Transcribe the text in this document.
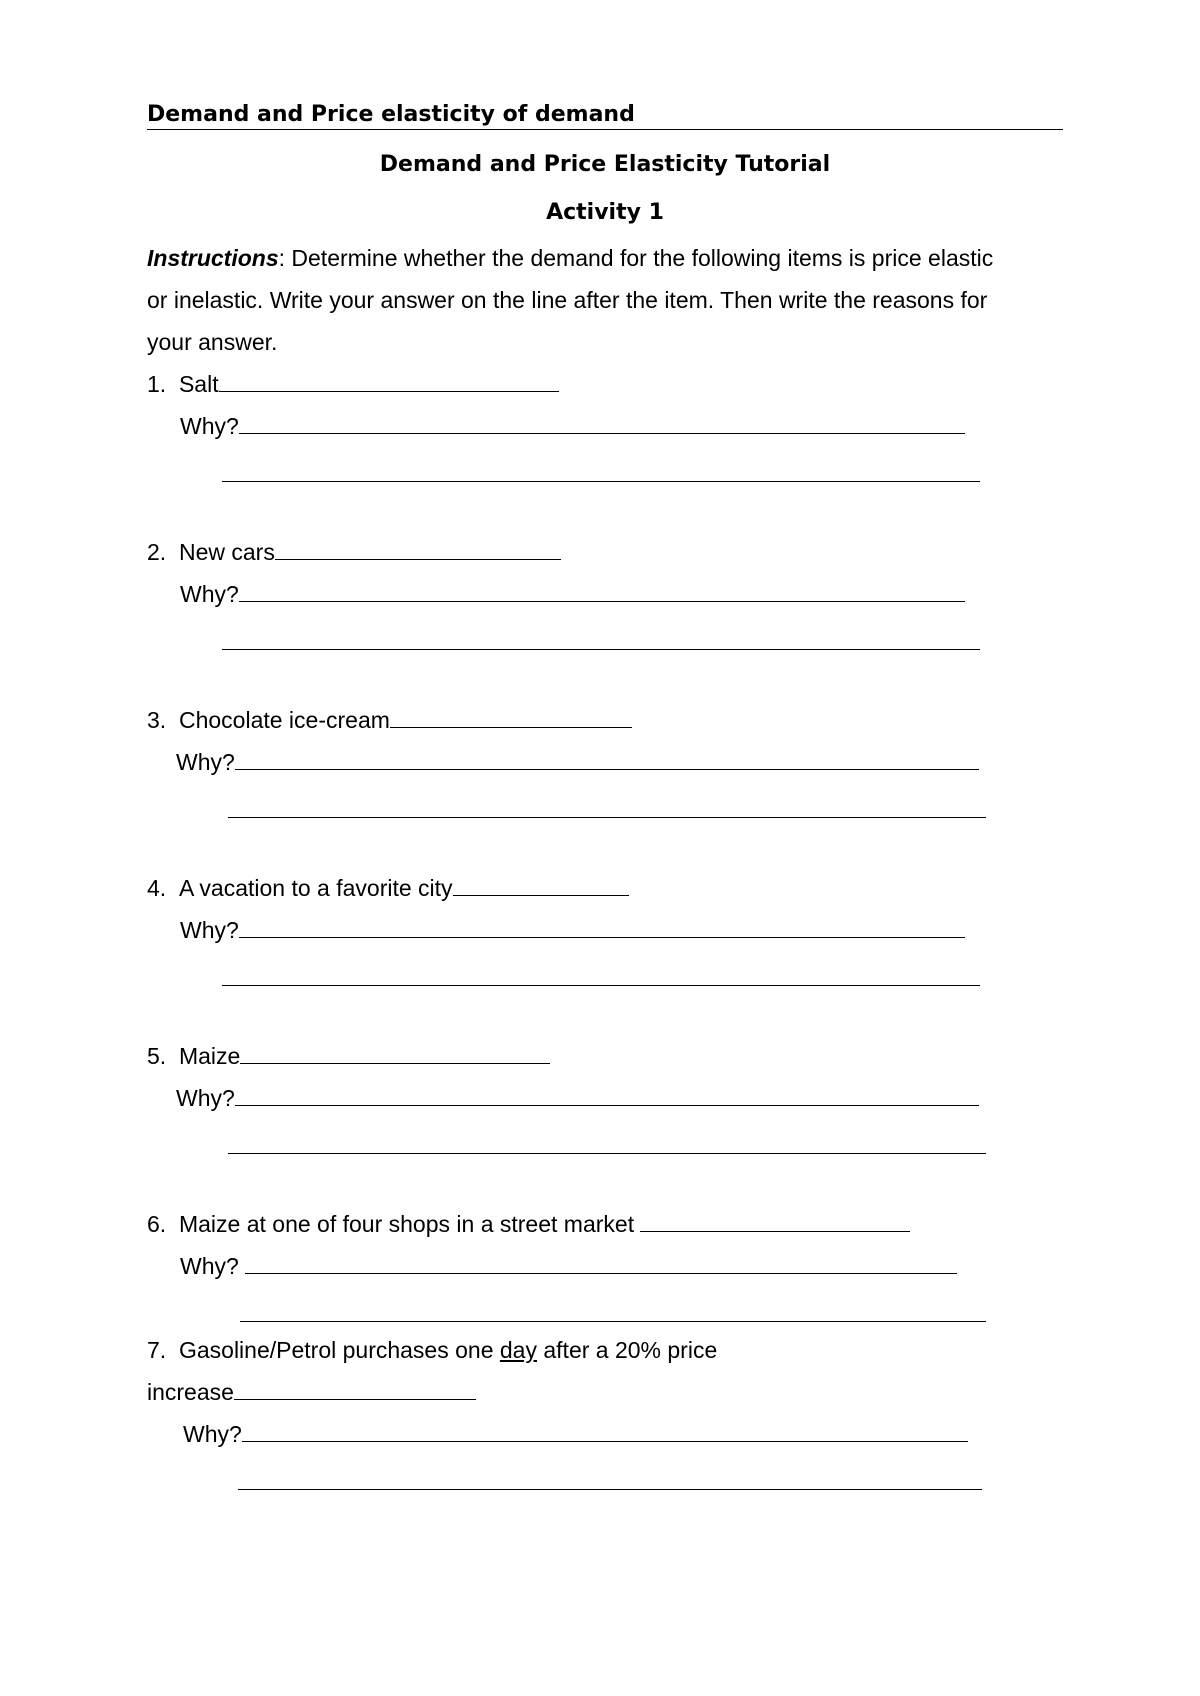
Demand and Price elasticity of demand
Demand and Price Elasticity Tutorial
Activity 1
Instructions: Determine whether the demand for the following items is price elastic
or inelastic. Write your answer on the line after the item. Then write the reasons for
your answer.
1. Salt
Why?
2. New cars
Why?
3. Chocolate ice-cream
Why?
4. A vacation to a favorite city
Why?
5. Maize
Why?
6. Maize at one of four shops in a street market
Why?
7. Gasoline/Petrol purchases one day after a 20% price
increase
Why?
